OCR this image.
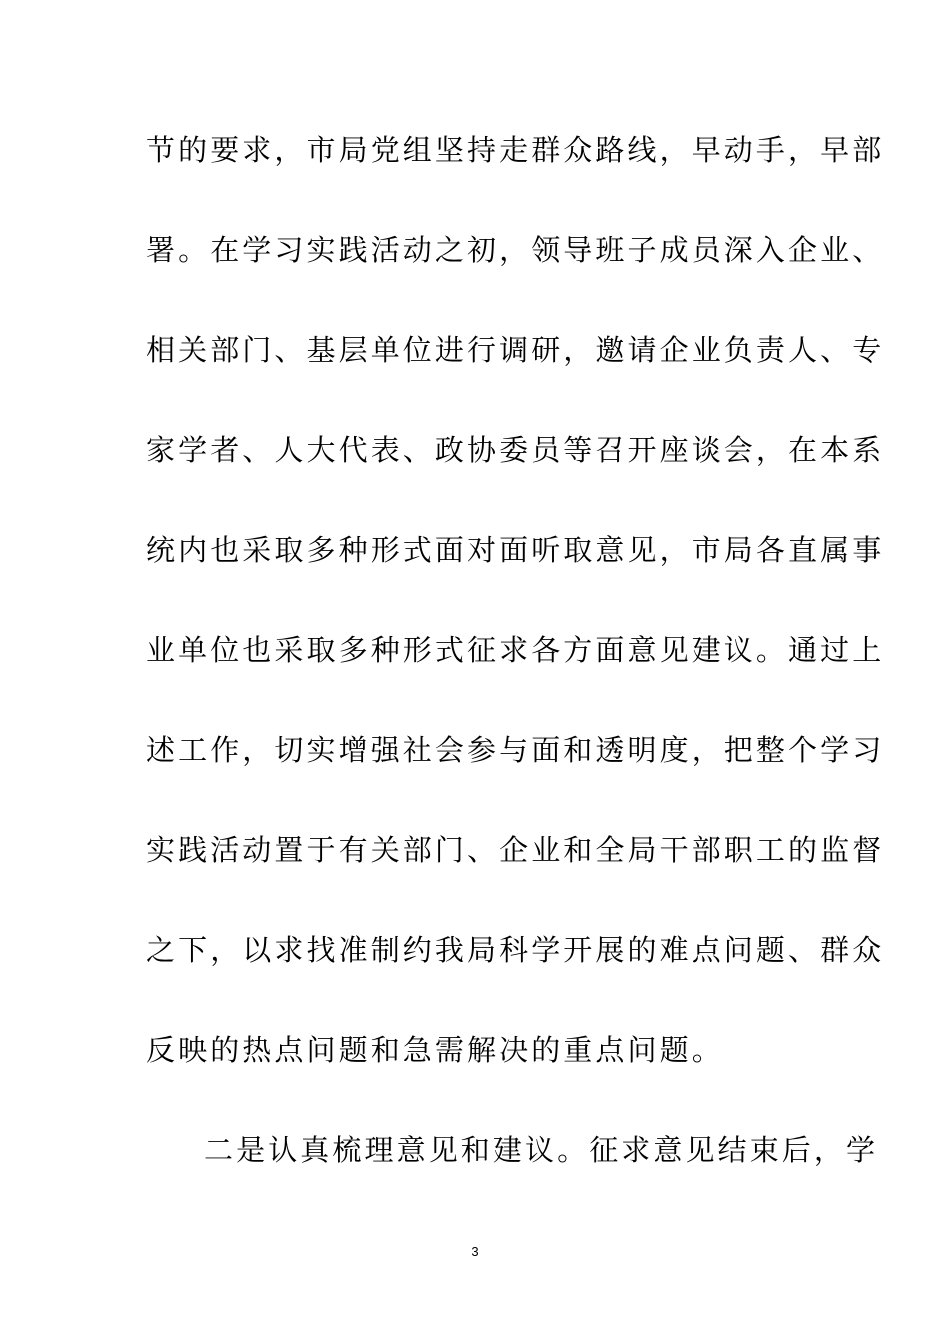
节的要求，市局党组坚持走群众路线，早动手，早部
署。在学习实践活动之初，领导班子成员深入企业、
相关部门、基层单位进行调研，邀请企业负责人、专
家学者、人大代表、政协委员等召开座谈会，在本系
统内也采取多种形式面对面听取意见，市局各直属事
业单位也采取多种形式征求各方面意见建议。通过上
述工作，切实增强社会参与面和透明度，把整个学习
实践活动置于有关部门、企业和全局干部职工的监督
之下，以求找准制约我局科学开展的难点问题、群众
反映的热点问题和急需解决的重点问题。
二是认真梳理意见和建议。征求意见结束后，学
3
